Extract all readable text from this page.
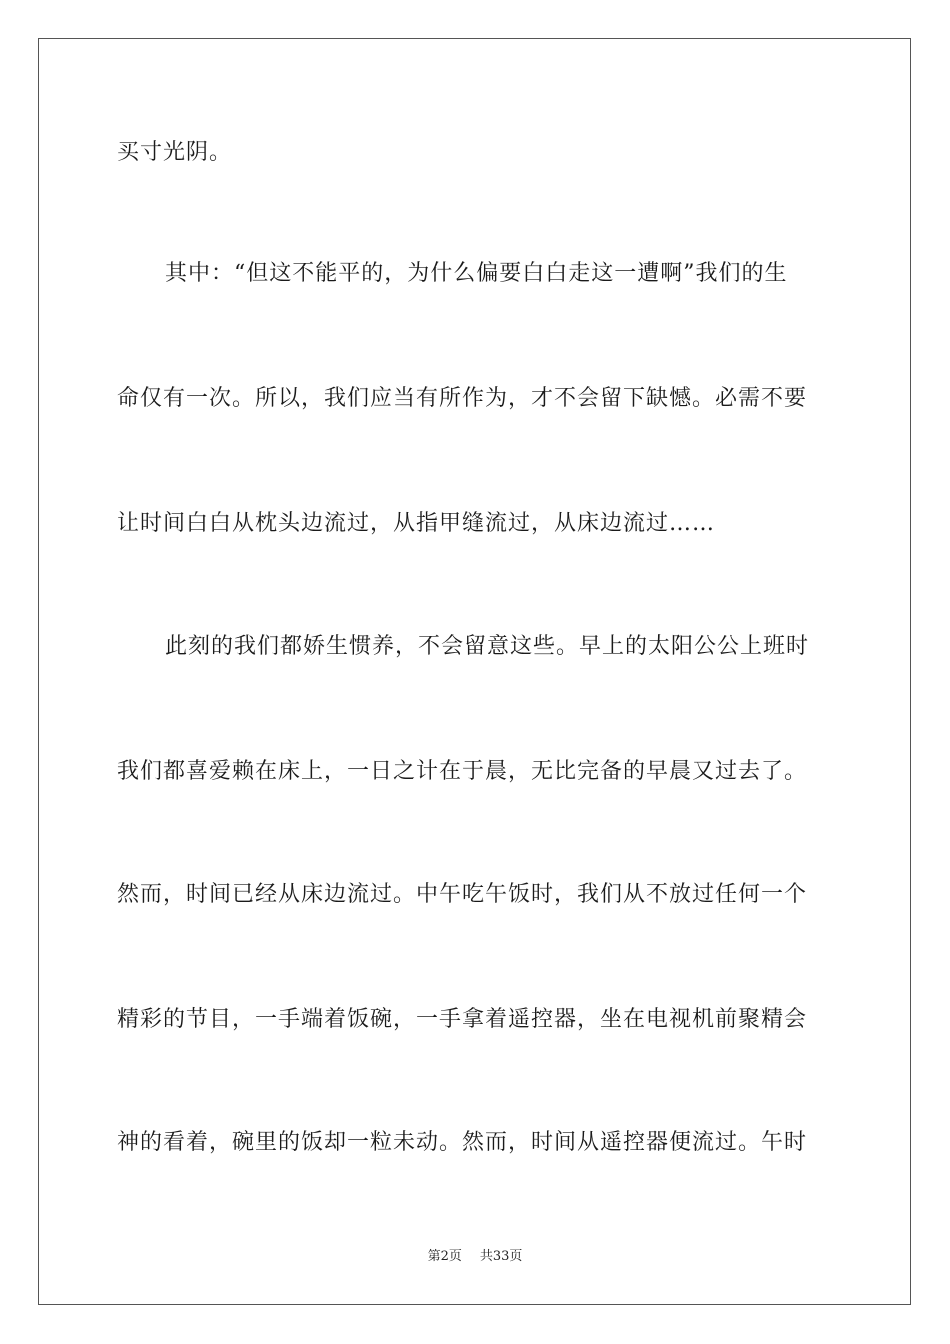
买寸光阴。
其中：“但这不能平的，为什么偏要白白走这一遭啊”我们的生
命仅有一次。所以，我们应当有所作为，才不会留下缺憾。必需不要
让时间白白从枕头边流过，从指甲缝流过，从床边流过……
此刻的我们都娇生惯养，不会留意这些。早上的太阳公公上班时
我们都喜爱赖在床上，一日之计在于晨，无比完备的早晨又过去了。
然而，时间已经从床边流过。中午吃午饭时，我们从不放过任何一个
精彩的节目，一手端着饭碗，一手拿着遥控器，坐在电视机前聚精会
神的看着，碗里的饭却一粒未动。然而，时间从遥控器便流过。午时
第2页 共33页
